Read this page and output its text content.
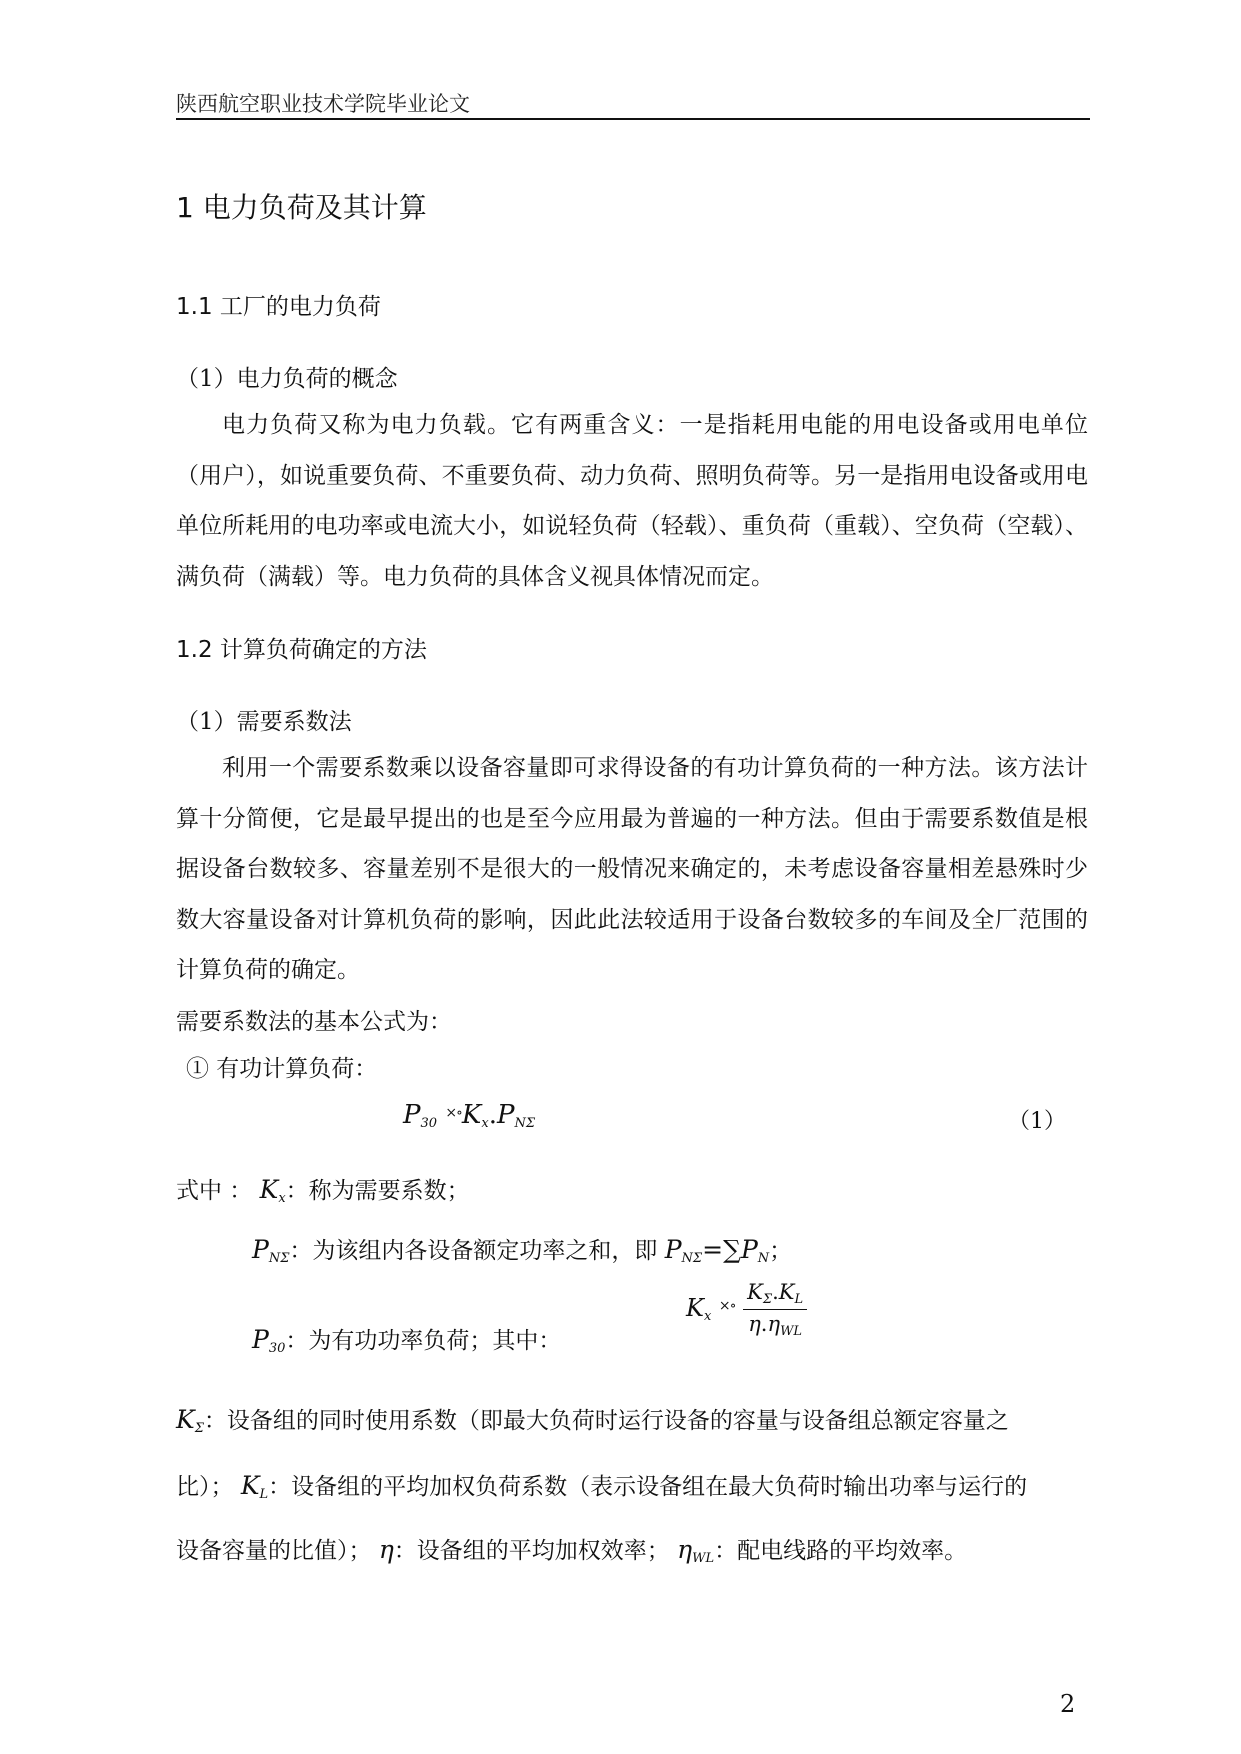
陕西航空职业技术学院毕业论文
1 电力负荷及其计算
1.1 工厂的电力负荷
（1）电力负荷的概念
电力负荷又称为电力负载。它有两重含义：一是指耗用电能的用电设备或用电单位（用户），如说重要负荷、不重要负荷、动力负荷、照明负荷等。另一是指用电设备或用电单位所耗用的电功率或电流大小，如说轻负荷（轻载）、重负荷（重载）、空负荷（空载）、满负荷（满载）等。电力负荷的具体含义视具体情况而定。
1.2 计算负荷确定的方法
（1）需要系数法
利用一个需要系数乘以设备容量即可求得设备的有功计算负荷的一种方法。该方法计算十分简便，它是最早提出的也是至今应用最为普遍的一种方法。但由于需要系数值是根据设备台数较多、容量差别不是很大的一般情况来确定的，未考虑设备容量相差悬殊时少数大容量设备对计算机负荷的影响，因此此法较适用于设备台数较多的车间及全厂范围的计算负荷的确定。
需要系数法的基本公式为：
① 有功计算负荷：
$P_{30}$ $^{\times\circ}K_x.P_{N\Sigma}$	（1）
式中 ： $K_x$：称为需要系数；
$P_{N\Sigma}$：为该组内各设备额定功率之和，即 $P_{N\Sigma}=\sum P_N$；
$P_{30}$：为有功功率负荷；其中：
$K_x$ $^{\times\circ} \frac{K_\Sigma.K_L}{\eta.\eta_{WL}}$
$K_\Sigma$：设备组的同时使用系数（即最大负荷时运行设备的容量与设备组总额定容量之
比）； $K_L$：设备组的平均加权负荷系数（表示设备组在最大负荷时输出功率与运行的
设备容量的比值）； η：设备组的平均加权效率； $\eta_{WL}$：配电线路的平均效率。
2
